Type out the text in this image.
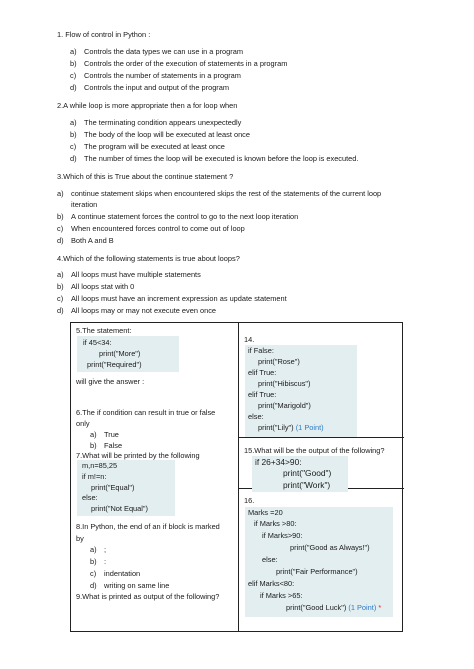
1. Flow of control in Python :
a) Controls the data types we can use in a program
b) Controls the order of the execution of statements in a program
c) Controls the number of statements in a program
d) Controls the input and output of the program
2.A while loop is more appropriate then a for loop when
a) The terminating condition appears unexpectedly
b) The body of the loop will be executed at least once
c) The program will be executed at least once
d) The number of times the loop will be executed is known before the loop is executed.
3.Which of this is True about the continue statement ?
a) continue statement skips when encountered skips the rest of the statements of the current loop
iteration
b) A continue statement forces the control to go to the next loop iteration
c) When encountered forces control to come out of loop
d) Both A and B
4.Which of the following statements is true about loops?
a) All loops must have multiple statements
b) All loops stat with 0
c) All loops must have an increment expression as update statement
d) All loops may or may not execute even once
5.The statement:
if 45<34:
print("More")
print("Required")
will give the answer :
6.The if condition can result in true or false
only
a) True
b) False
7.What will be printed by the following
m,n=85,25
if m!=n:
print("Equal")
else:
print("Not Equal")
8.In Python, the end of an if block is marked
by
a) ;
b) :
c) indentation
d) writing on same line
9.What is printed as output of the following?
14.
if False:
print("Rose")
elif True:
print("Hibiscus")
elif True:
print("Marigold")
else:
print("Lily") (1 Point)
15.What will be the output of the following?
if 26+34>90:
print("Good")
print("Work")
16.
Marks =20
if Marks >80:
if Marks>90:
print("Good as Always!")
else:
print("Fair Performance")
elif Marks<80:
if Marks >65:
print("Good Luck") (1 Point) *
